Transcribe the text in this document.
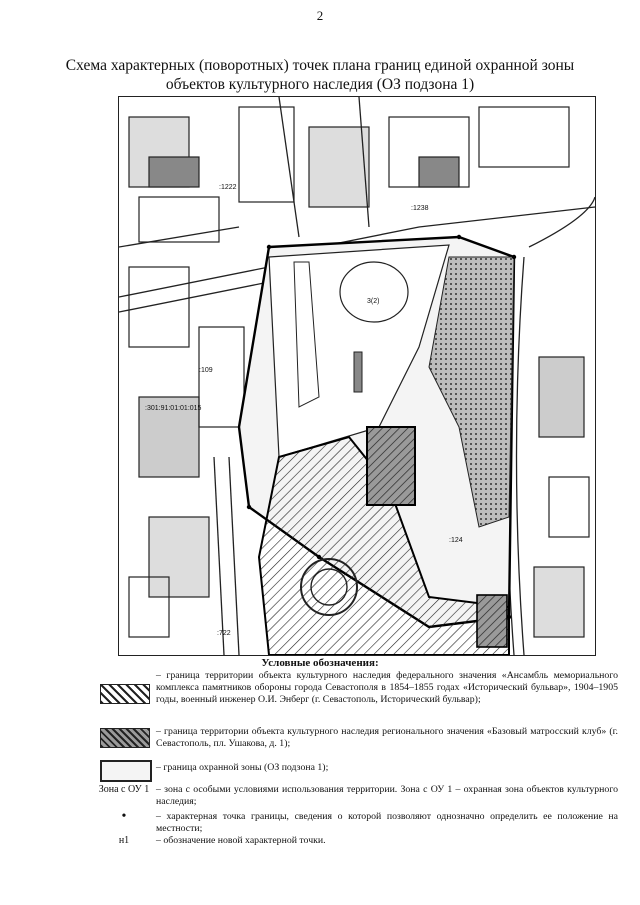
2
Схема характерных (поворотных) точек плана границ единой охранной зоны
объектов культурного наследия (ОЗ подзона 1)
3(2)
:1238
:1222
:109
:301:91:01:01:015
:722
:124
Условные обозначения:
– граница территории объекта культурного наследия федерального значения «Ансамбль мемориального комплекса памятников обороны города Севастополя в 1854–1855 годах «Исторический бульвар», 1904–1905 годы, военный инженер О.И. Энберг (г. Севастополь, Исторический бульвар);
– граница территории объекта культурного наследия регионального значения «Базовый матросский клуб» (г. Севастополь, пл. Ушакова, д. 1);
– граница охранной зоны (ОЗ подзона 1);
Зона с ОУ 1 – зона с особыми условиями использования территории. Зона с ОУ 1 – охранная зона объектов культурного наследия;
•	– характерная точка границы, сведения о которой позволяют однозначно определить ее положение на местности;
н1	– обозначение новой характерной точки.
